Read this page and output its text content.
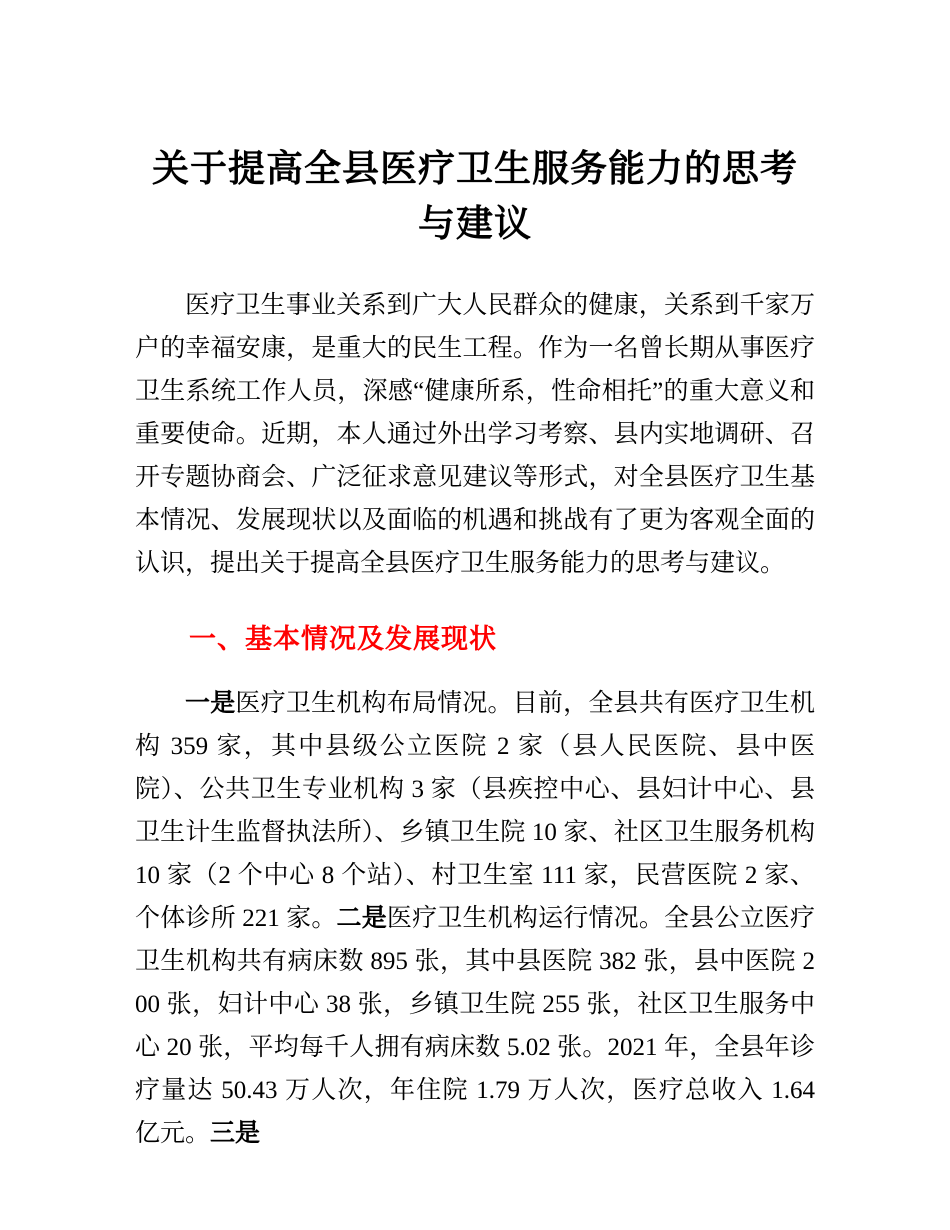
关于提高全县医疗卫生服务能力的思考与建议

医疗卫生事业关系到广大人民群众的健康，关系到千家万户的幸福安康，是重大的民生工程。作为一名曾长期从事医疗卫生系统工作人员，深感“健康所系，性命相托”的重大意义和重要使命。近期，本人通过外出学习考察、县内实地调研、召开专题协商会、广泛征求意见建议等形式，对全县医疗卫生基本情况、发展现状以及面临的机遇和挑战有了更为客观全面的认识，提出关于提高全县医疗卫生服务能力的思考与建议。

一、基本情况及发展现状

一是医疗卫生机构布局情况。目前，全县共有医疗卫生机构 359 家，其中县级公立医院 2 家（县人民医院、县中医院）、公共卫生专业机构 3 家（县疾控中心、县妇计中心、县卫生计生监督执法所）、乡镇卫生院 10 家、社区卫生服务机构 10 家（2 个中心 8 个站）、村卫生室 111 家，民营医院 2 家、个体诊所 221 家。二是医疗卫生机构运行情况。全县公立医疗卫生机构共有病床数 895 张，其中县医院 382 张，县中医院 200 张，妇计中心 38 张，乡镇卫生院 255 张，社区卫生服务中心 20 张，平均每千人拥有病床数 5.02 张。2021 年，全县年诊疗量达 50.43 万人次，年住院 1.79 万人次，医疗总收入 1.64 亿元。三是
